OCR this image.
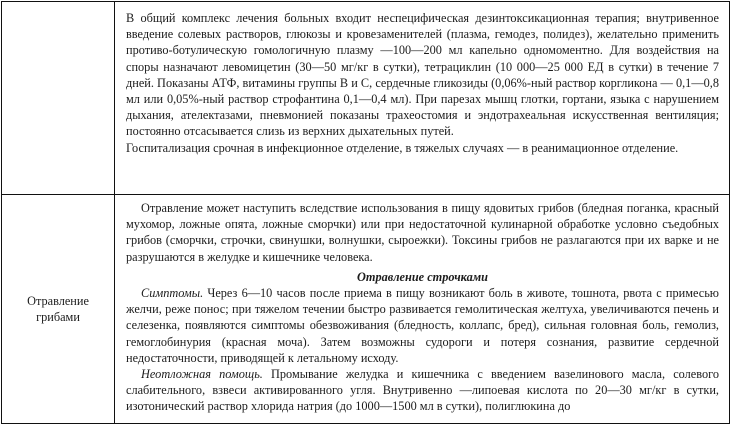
В общий комплекс лечения больных входит неспецифическая дезинтоксикационная терапия; внутривенное введение солевых растворов, глюкозы и кровезаменителей (плазма, гемодез, полидез), желательно применить противо-ботулическую гомологичную плазму —100—200 мл капельно одномоментно. Для воздействия на споры назначают левомицетин (30—50 мг/кг в сутки), тетрациклин (10 000—25 000 ЕД в сутки) в течение 7 дней. Показаны АТФ, витамины группы В и С, сердечные гликозиды (0,06%-ный раствор коргликона — 0,1—0,8 мл или 0,05%-ный раствор строфантина 0,1—0,4 мл). При парезах мышц глотки, гортани, языка с нарушением дыхания, ателектазами, пневмонией показаны трахеостомия и эндотрахеальная искусственная вентиляция; постоянно отсасывается слизь из верхних дыхательных путей.

Госпитализация срочная в инфекционное отделение, в тяжелых случаях — в реанимационное отделение.

Отравление грибами

Отравление может наступить вследствие использования в пищу ядовитых грибов (бледная поганка, красный мухомор, ложные опята, ложные сморчки) или при недостаточной кулинарной обработке условно съедобных грибов (сморчки, строчки, свинушки, волнушки, сыроежки). Токсины грибов не разлагаются при их варке и не разрушаются в желудке и кишечнике человека.

Отравление строчками

Симптомы. Через 6—10 часов после приема в пищу возникают боль в животе, тошнота, рвота с примесью желчи, реже понос; при тяжелом течении быстро развивается гемолитическая желтуха, увеличиваются печень и селезенка, появляются симптомы обезвоживания (бледность, коллапс, бред), сильная головная боль, гемолиз, гемоглобинурия (красная моча). Затем возможны судороги и потеря сознания, развитие сердечной недостаточности, приводящей к летальному исходу.

Неотложная помощь. Промывание желудка и кишечника с введением вазелинового масла, солевого слабительного, взвеси активированного угля. Внутривенно —липоевая кислота по 20—30 мг/кг в сутки, изотонический раствор хлорида натрия (до 1000—1500 мл в сутки), полиглюкина до
